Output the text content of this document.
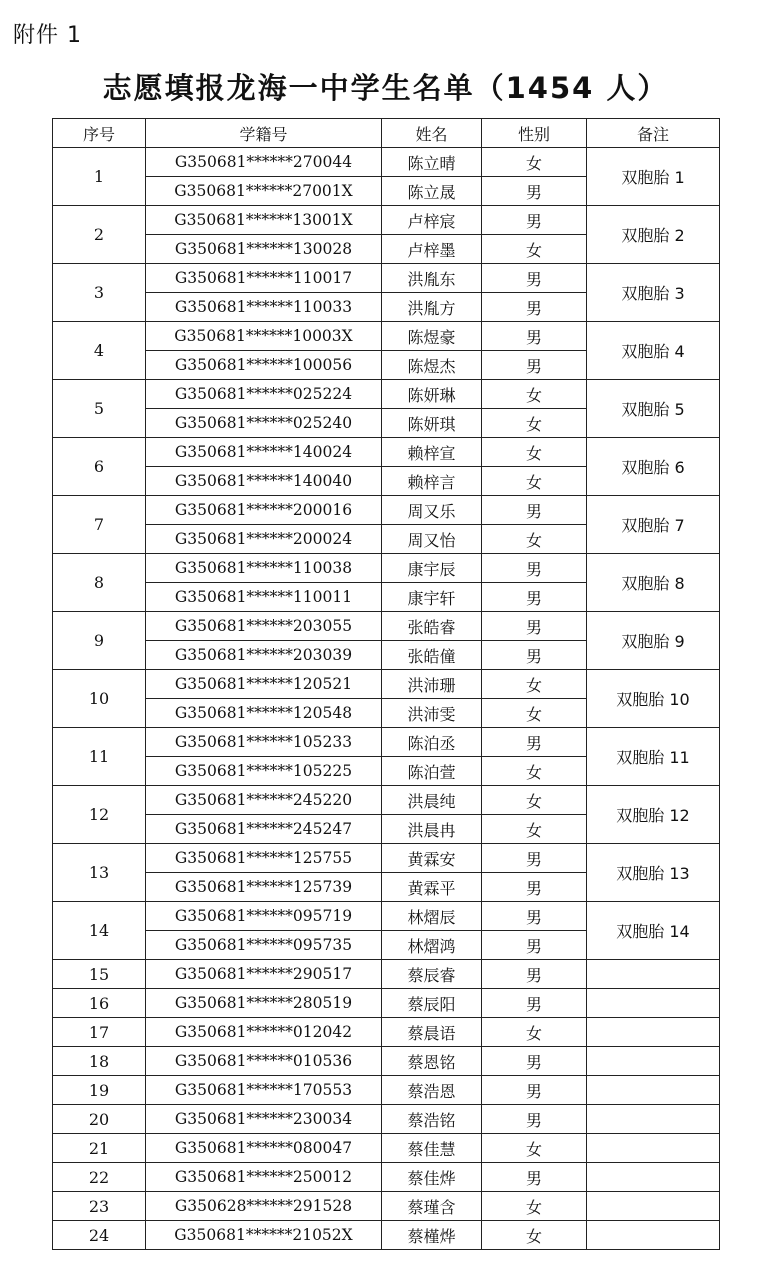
附件 1
志愿填报龙海一中学生名单（1454 人）
序号	学籍号	姓名	性别	备注
1	G350681******270044	陈立晴	女	双胞胎 1
	G350681******27001X	陈立晟	男	
2	G350681******13001X	卢梓宸	男	双胞胎 2
	G350681******130028	卢梓墨	女	
3	G350681******110017	洪胤东	男	双胞胎 3
	G350681******110033	洪胤方	男	
4	G350681******10003X	陈煜豪	男	双胞胎 4
	G350681******100056	陈煜杰	男	
5	G350681******025224	陈妍琳	女	双胞胎 5
	G350681******025240	陈妍琪	女	
6	G350681******140024	赖梓宣	女	双胞胎 6
	G350681******140040	赖梓言	女	
7	G350681******200016	周又乐	男	双胞胎 7
	G350681******200024	周又怡	女	
8	G350681******110038	康宇辰	男	双胞胎 8
	G350681******110011	康宇轩	男	
9	G350681******203055	张皓睿	男	双胞胎 9
	G350681******203039	张皓僮	男	
10	G350681******120521	洪沛珊	女	双胞胎 10
	G350681******120548	洪沛雯	女	
11	G350681******105233	陈泊丞	男	双胞胎 11
	G350681******105225	陈泊萱	女	
12	G350681******245220	洪晨纯	女	双胞胎 12
	G350681******245247	洪晨冉	女	
13	G350681******125755	黄霖安	男	双胞胎 13
	G350681******125739	黄霖平	男	
14	G350681******095719	林熠辰	男	双胞胎 14
	G350681******095735	林熠鸿	男	
15	G350681******290517	蔡辰睿	男	
16	G350681******280519	蔡辰阳	男	
17	G350681******012042	蔡晨语	女	
18	G350681******010536	蔡恩铭	男	
19	G350681******170553	蔡浩恩	男	
20	G350681******230034	蔡浩铭	男	
21	G350681******080047	蔡佳慧	女	
22	G350681******250012	蔡佳烨	男	
23	G350628******291528	蔡瑾含	女	
24	G350681******21052X	蔡槿烨	女	
